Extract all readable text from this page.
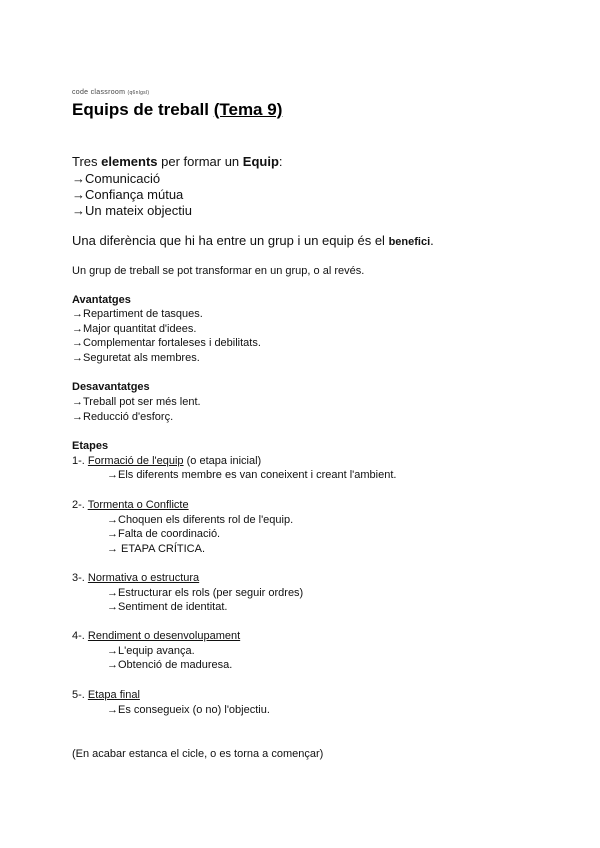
code classroom (q6nlgsl)
Equips de treball (Tema 9)
Tres elements per formar un Equip:
→Comunicació
→Confiança mútua
→Un mateix objectiu
Una diferència que hi ha entre un grup i un equip és el benefici.
Un grup de treball se pot transformar en un grup, o al revés.
Avantatges
→Repartiment de tasques.
→Major quantitat d'idees.
→Complementar fortaleses i debilitats.
→Seguretat als membres.
Desavantatges
→Treball pot ser més lent.
→Reducció d'esforç.
Etapes
1-. Formació de l'equip (o etapa inicial)
→Els diferents membre es van coneixent i creant l'ambient.
2-. Tormenta o Conflicte
→Choquen els diferents rol de l'equip.
→Falta de coordinació.
→ ETAPA CRÍTICA.
3-. Normativa o estructura
→Estructurar els rols (per seguir ordres)
→Sentiment de identitat.
4-. Rendiment o desenvolupament
→L'equip avança.
→Obtenció de maduresa.
5-. Etapa final
→Es consegueix (o no) l'objectiu.
(En acabar estanca el cicle, o es torna a començar)
